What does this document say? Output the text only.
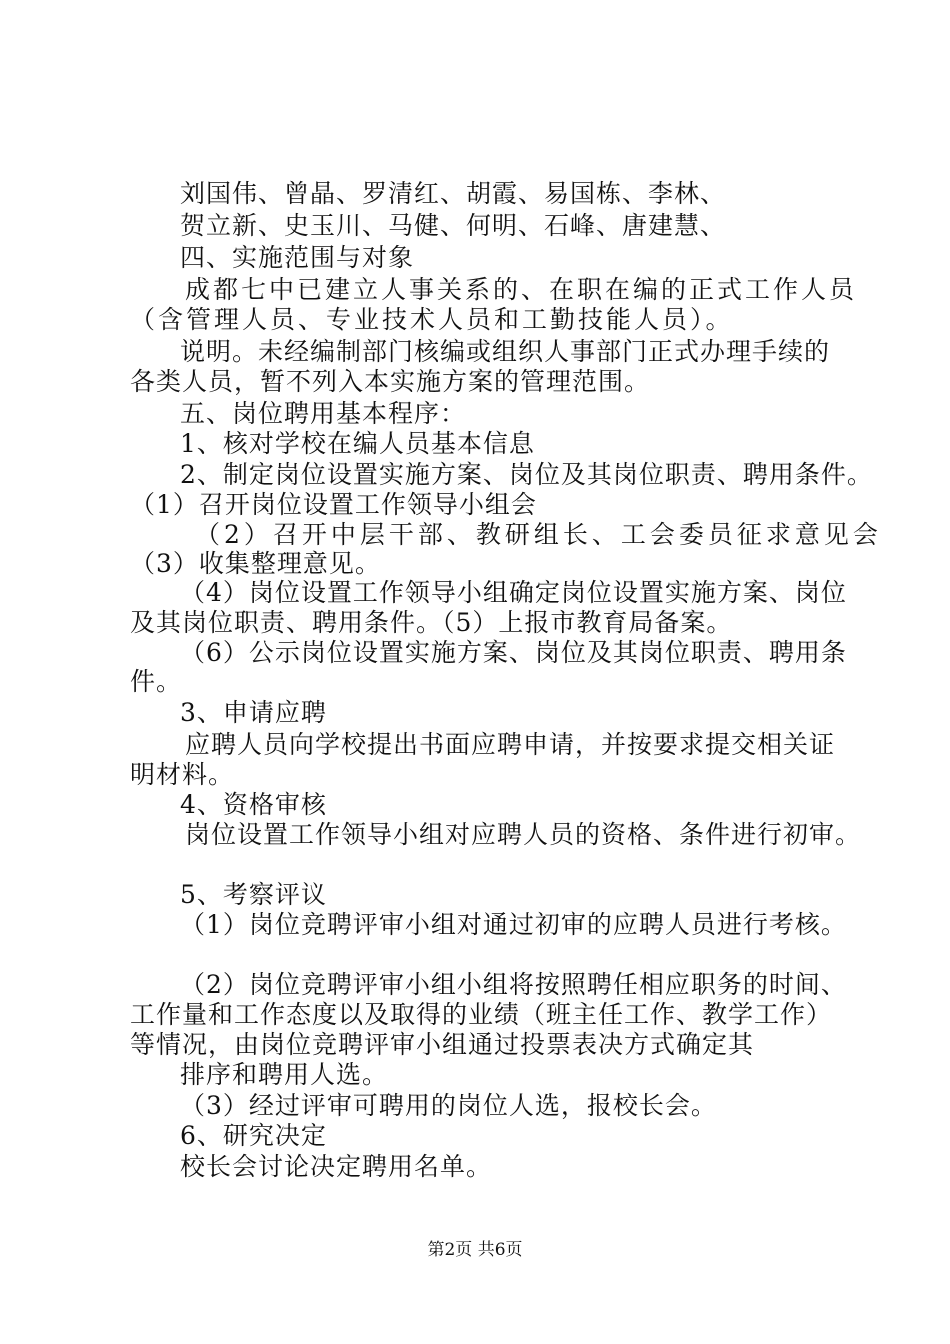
刘国伟、曾晶、罗清红、胡霞、易国栋、李林、
贺立新、史玉川、马健、何明、石峰、唐建慧、
四、实施范围与对象
成都七中已建立人事关系的、在职在编的正式工作人员
（含管理人员、专业技术人员和工勤技能人员）。
说明。未经编制部门核编或组织人事部门正式办理手续的
各类人员，暂不列入本实施方案的管理范围。
五、岗位聘用基本程序：
1、核对学校在编人员基本信息
2、制定岗位设置实施方案、岗位及其岗位职责、聘用条件。
（1）召开岗位设置工作领导小组会
（2）召开中层干部、教研组长、工会委员征求意见会
（3）收集整理意见。
（4）岗位设置工作领导小组确定岗位设置实施方案、岗位
及其岗位职责、聘用条件。（5）上报市教育局备案。
（6）公示岗位设置实施方案、岗位及其岗位职责、聘用条
件。
3、申请应聘
应聘人员向学校提出书面应聘申请，并按要求提交相关证
明材料。
4、资格审核
岗位设置工作领导小组对应聘人员的资格、条件进行初审。
5、考察评议
（1）岗位竞聘评审小组对通过初审的应聘人员进行考核。
（2）岗位竞聘评审小组小组将按照聘任相应职务的时间、
工作量和工作态度以及取得的业绩（班主任工作、教学工作）
等情况，由岗位竞聘评审小组通过投票表决方式确定其
排序和聘用人选。
（3）经过评审可聘用的岗位人选，报校长会。
6、研究决定
校长会讨论决定聘用名单。
第2页 共6页
